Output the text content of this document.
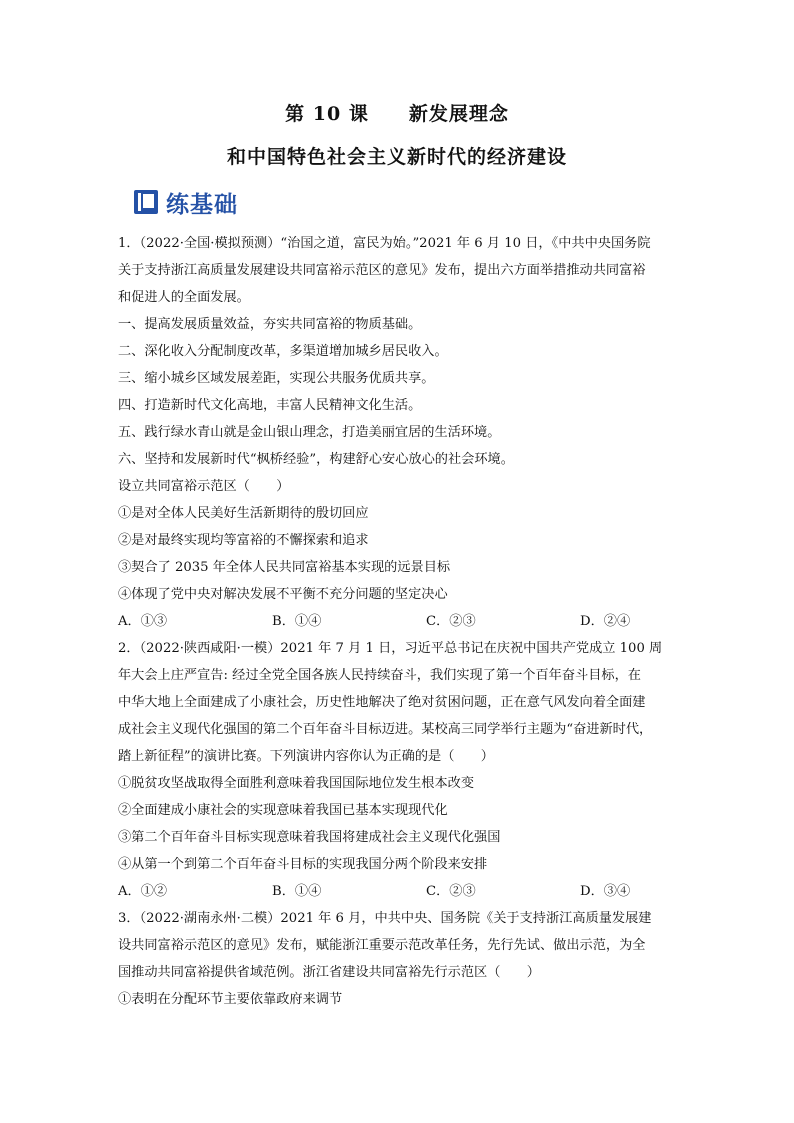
第 10 课　　新发展理念
和中国特色社会主义新时代的经济建设
练基础
1．（2022·全国·模拟预测）“治国之道，富民为始。”2021 年 6 月 10 日，《中共中央国务院
关于支持浙江高质量发展建设共同富裕示范区的意见》发布，提出六方面举措推动共同富裕
和促进人的全面发展。
一、提高发展质量效益，夯实共同富裕的物质基础。
二、深化收入分配制度改革，多渠道增加城乡居民收入。
三、缩小城乡区域发展差距，实现公共服务优质共享。
四、打造新时代文化高地，丰富人民精神文化生活。
五、践行绿水青山就是金山银山理念，打造美丽宜居的生活环境。
六、坚持和发展新时代“枫桥经验”，构建舒心安心放心的社会环境。
设立共同富裕示范区（　　）
①是对全体人民美好生活新期待的殷切回应
②是对最终实现均等富裕的不懈探索和追求
③契合了 2035 年全体人民共同富裕基本实现的远景目标
④体现了党中央对解决发展不平衡不充分问题的坚定决心
A．①③	B．①④	C．②③	D．②④
2．（2022·陕西咸阳·一模）2021 年 7 月 1 日，习近平总书记在庆祝中国共产党成立 100 周
年大会上庄严宣告: 经过全党全国各族人民持续奋斗，我们实现了第一个百年奋斗目标，在
中华大地上全面建成了小康社会，历史性地解决了绝对贫困问题，正在意气风发向着全面建
成社会主义现代化强国的第二个百年奋斗目标迈进。某校高三同学举行主题为“奋进新时代，
踏上新征程”的演讲比赛。下列演讲内容你认为正确的是（　　）
①脱贫攻坚战取得全面胜利意味着我国国际地位发生根本改变
②全面建成小康社会的实现意味着我国已基本实现现代化
③第二个百年奋斗目标实现意味着我国将建成社会主义现代化强国
④从第一个到第二个百年奋斗目标的实现我国分两个阶段来安排
A．①②	B．①④	C．②③	D．③④
3．（2022·湖南永州·二模）2021 年 6 月，中共中央、国务院《关于支持浙江高质量发展建
设共同富裕示范区的意见》发布，赋能浙江重要示范改革任务，先行先试、做出示范，为全
国推动共同富裕提供省域范例。浙江省建设共同富裕先行示范区（　　）
①表明在分配环节主要依靠政府来调节
